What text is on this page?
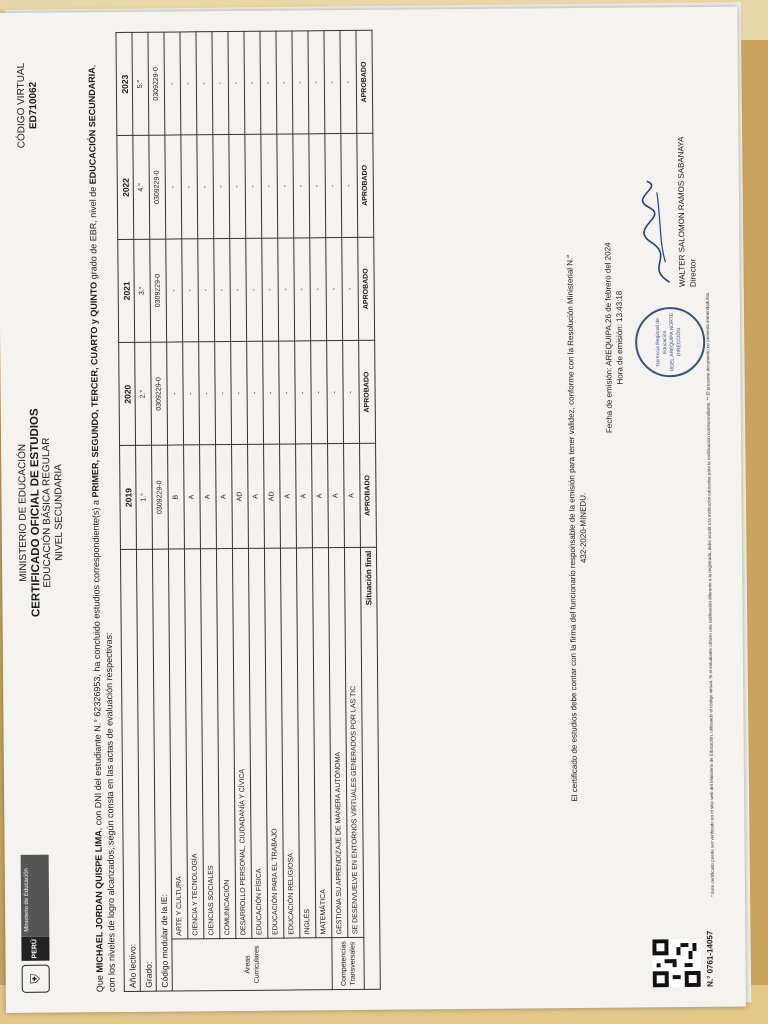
⛨
PERÚ
Ministerio de Educación
MINISTERIO DE EDUCACIÓN CERTIFICADO OFICIAL DE ESTUDIOS
EDUCACIÓN BÁSICA REGULAR NIVEL SECUNDARIA
CÓDIGO VIRTUAL ED710062
Que MICHAEL JORDAN QUISPE LIMA, con DNI del estudiante N.° 62326953, ha concluido estudios correspondiente(s) a PRIMER, SEGUNDO, TERCER, CUARTO y QUINTO grado de EBR, nivel de EDUCACIÓN SECUNDARIA, con los niveles de logro alcanzados, según consta en las actas de evaluación respectivas: Año lectivo:		2019	2020	2021	2022	2023
Grado:		1.°	2.°	3.°	4.°	5.°
Código modular de la IE:		0309229-0	0309229-0	0309229-0	0309229-0	0309229-0
Áreas Curriculares	ARTE Y CULTURA	B	-	-	-	-
	CIENCIA Y TECNOLOGÍA	A	-	-	-	-
	CIENCIAS SOCIALES	A	-	-	-	-
	COMUNICACIÓN	A	-	-	-	-
	DESARROLLO PERSONAL, CIUDADANÍA Y CÍVICA	AD	-	-	-	-
	EDUCACIÓN FÍSICA	A	-	-	-	-
	EDUCACIÓN PARA EL TRABAJO	AD	-	-	-	-
	EDUCACIÓN RELIGIOSA	A	-	-	-	-
	INGLÉS	A	-	-	-	-
	MATEMÁTICA	A	-	-	-	-
Competencias Transversales	GESTIONA SU APRENDIZAJE DE MANERA AUTÓNOMA	A	-	-	-	-
	SE DESENVUELVE EN ENTORNOS VIRTUALES GENERADOS POR LAS TIC	A	-	-	-	-
Situación final		APROBADO	APROBADO	APROBADO	APROBADO	APROBADO
El certificado de estudios debe contar con la firma del funcionario responsable de la emisión para tener validez, conforme con la Resolución Ministerial N.° 432-2020-MINEDU.
Fecha de emisión: AREQUIPA,26 de febrero del 2024 Hora de emisión: 13:43:18	Gerencia Regional de Educación UGEL AREQUIPA NORTE DIRECCIÓN
WALTER SALOMON RAMOS SABANAYA Director
N.° 0761-14057
* Este certificado puede ser verificado en el sitio web del Ministerio de Educación, utilizando el código virtual. Si el estudiante obtuvo una calificación diferente a la registrada, debe acudir a la institución educativa para la rectificación correspondiente. ** El presente documento no presenta enmendaduras.
